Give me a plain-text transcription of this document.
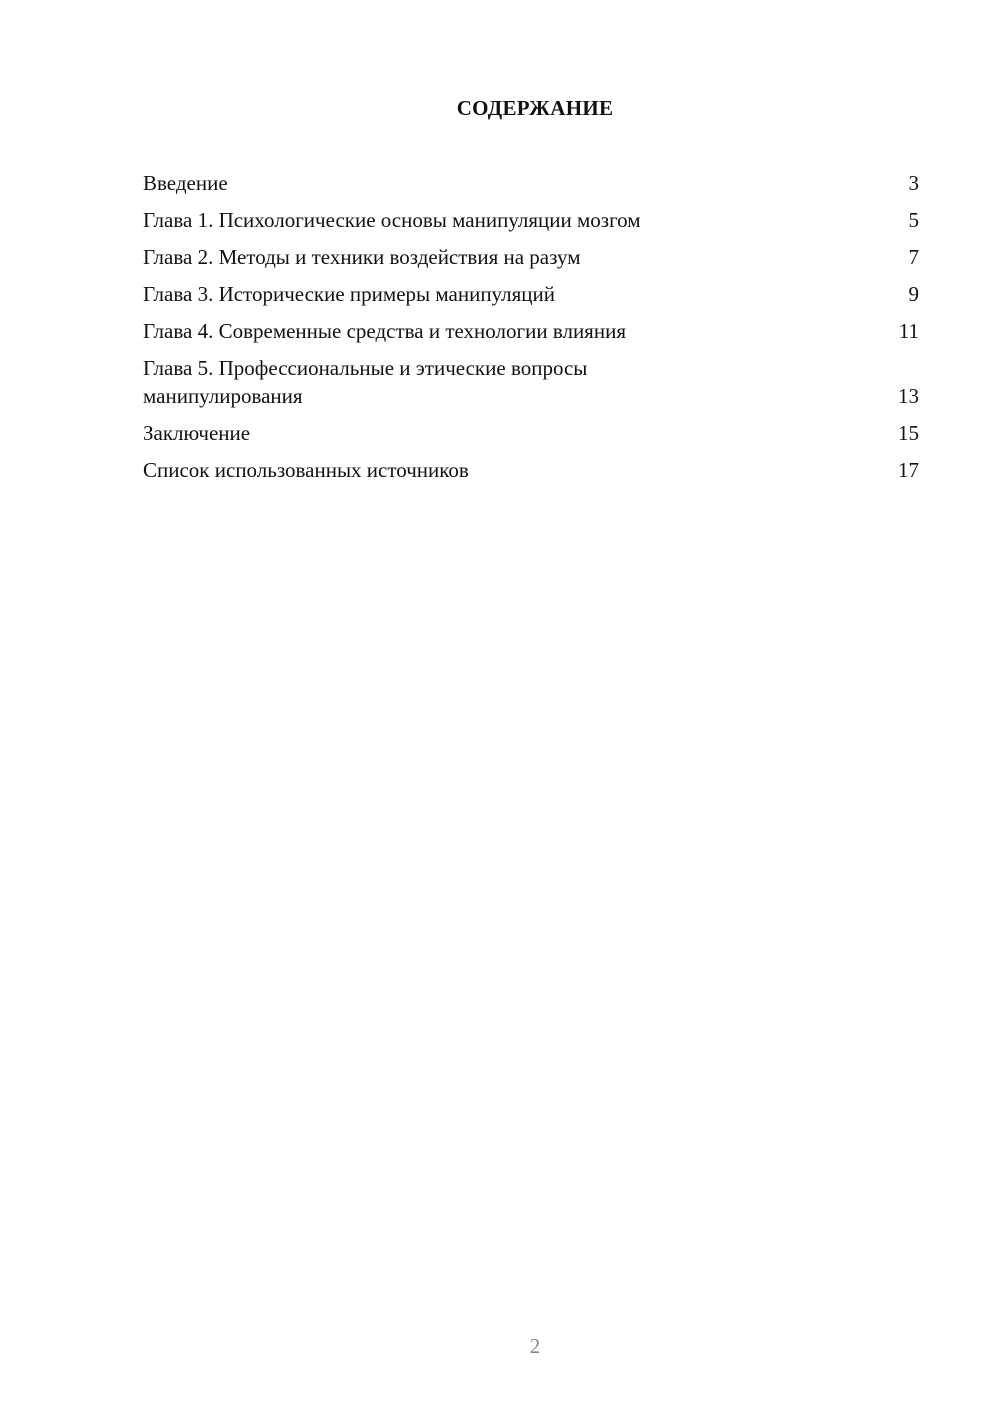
СОДЕРЖАНИЕ
Введение	3
Глава 1. Психологические основы манипуляции мозгом	5
Глава 2. Методы и техники воздействия на разум	7
Глава 3. Исторические примеры манипуляций	9
Глава 4. Современные средства и технологии влияния	11
Глава 5. Профессиональные и этические вопросы манипулирования	13
Заключение	15
Список использованных источников	17
2
